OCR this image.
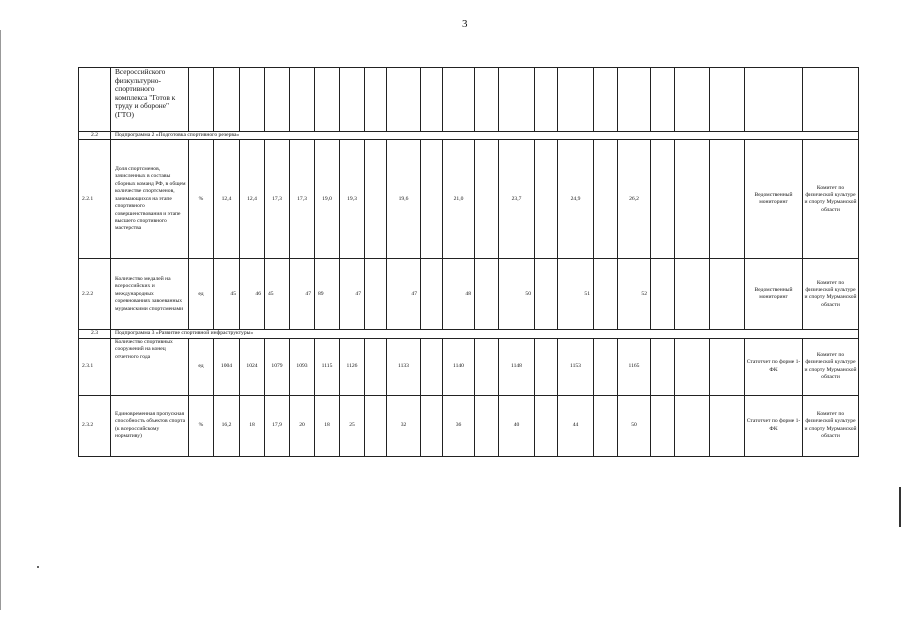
3
	Всероссийского физкультурно-спортивного комплекса "Готов к труду и обороне" (ГТО)																						
2.2	Подпрограмма 2 «Подготовка спортивного резерва»																						
2.2.1	Доля спортсменов, зачисленных в составы сборных команд РФ, в общем количестве спортсменов, занимающихся на этапе спортивного совершенствования и этапе высшего спортивного мастерства	%	12,4	12,4	17,3	17,3	19,0	19,3		19,6		21,0		23,7		24,9		26,2				Ведомственный мониторинг	Комитет по физической культуре и спорту Мурманской области
2.2.2	Количество медалей на всероссийских и международных соревнованиях завоеванных мурманскими спортсменами	ед	45	46	45	47	89	47		47		48		50		51		52				Ведомственный мониторинг	Комитет по физической культуре и спорту Мурманской области
2.3	Подпрограмма 3 «Развитие спортивной инфраструктуры»																						
2.3.1	Количество спортивных сооружений на конец отчетного года	ед	1004	1024	1079	1093	1115	1126		1133		1140		1148		1153		1165				Статотчет по форме 1-ФК	Комитет по физической культуре и спорту Мурманской области
2.3.2	Единовременная пропускная способность объектов спорта (к всероссийскому нормативу)	%	16,2	18	17,9	20	18	25		32		36		40		44		50				Статотчет по форме 1-ФК	Комитет по физической культуре и спорту Мурманской области
